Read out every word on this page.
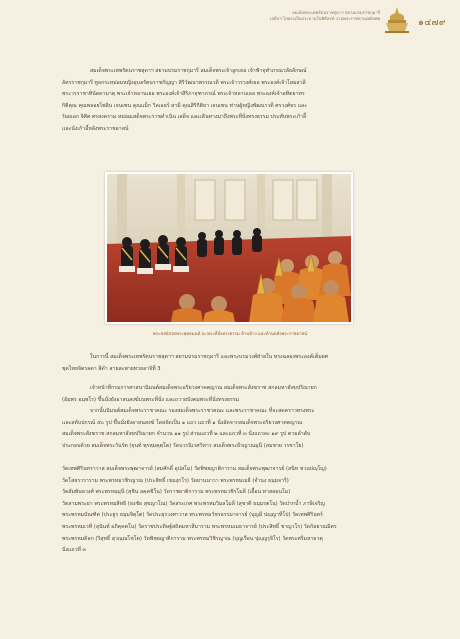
สมเด็จพระเทพรัตนราชสุดาฯ สยามบรมราชกุมารี
เสด็จฯ ไปทรงเป็นประธานในพิธีสงฆ์ งานพระราชทานเพลิงศพ	๑๔๗๙
สมเด็จพระเทพรัตนราชสุดาฯ สยามบรมราชกุมารี สมเด็จพระเจ้าลูกเธอ เจ้าฟ้าจุฬาภรณวลัยลักษณ์
อัครราชกุมารี ทูลกระหม่อมหญิงอุบลรัตนราชกัญญา สิริวัฒนาพรรณวดี พระเจ้าวรวงศ์เธอ พระองค์เจ้าโสมสวลี
พระวรราชาทินัดดามาตุ พระเจ้าหลานเธอ พระองค์เจ้าสิริภาจุฑาภรณ์ พระเจ้าหลานเธอ พระองค์เจ้าอทิตยาทร
กิติคุณ คุณพลอยไพลิน เจนเซน คุณแม็ก วิลเลอร์ สามี คุณสิริกิติยา เจนเซน ท่านผู้หญิงพัฒนาวดี ศรวงศ์ธร และ
ร้อยเอก จิศิศ ศรสงคราม หม่อมเสด็จพระราชดำเนิน เสด็จ และเดินทางมาถึงพระที่นั่งทรงธรรม ประทับพระเก้าอี้
และนั่งเก้าอี้หลังพระราชอาสน์
พระสงฆ์สวดพระพุทธมนต์ ณ พระที่นั่งทรงธรรม ด้านข้าง และด้านหลังพระราชอาสน์
ในการนี้ สมเด็จพระเทพรัตนราชสุดาฯ สยามบรมราชกุมารี และพระบรมวงศ์ฝ่ายใน ทรงฉลองพระองค์เต็มยศ
ชุดไทยจิตรลดา สีดำ สายสะพายทวยอาจิที่ 3
เจ้าหน้าที่กรมการศาสนานิมนต์สมเด็จพระอริยวงศาคตญาณ สมเด็จพระสังฆราช สกลมหาสังฆปริณายก
(อัมพร อมฺพโร) ขึ้นนั่งยังอาสนสงฆ์บนพระที่นั่ง และถวายบังคมพระที่นั่งทรงธรรม
จากนั้นนิมนต์สมเด็จพระราชาคณะ รองสมเด็จพระราชาคณะ และพระราชาคณะ ที่จะสดคราวทรงพระ
และสดับปกรณ์ ๕๐ รูป ขึ้นนั่งยังอาสนสงฆ์ โดยจัดเป็น ๑ แถว แถวที่ ๑ นั่งอัดจากสมเด็จพระอริยวงศาคตญาณ
สมเด็จพระสังฆราช สกลมหาสังฆปริณายก จำนวน ๑๑ รูป ส่วนแถวที่ ๒ และแถวที่ ๓ นั่งแถวละ ๑๙ รูป ตามลำดับ
ประกอบด้วย สมเด็จพระวันรัต (จุนท์ พฺรหฺมคุตฺโต) วัดบวรนิเวศวิหาร สมเด็จพระธีรญาณมุนี (สมชาย วรชาโย)
วัดเทพศิรินทราวาส สมเด็จพระพุฒาจารย์ (สมศักดิ์ อุปสโม) วัดพิชยญาติการาม สมเด็จพระพุฒาจารย์ (สนิท ชวนปญฺโญ)
วัดโสธรวราราม พระพรหมวชิรญาณ (ประสิทธิ์ เขมงฺกโร) วัดยานนาวา พระพรหมเมธี (จำนง ธมฺมจารี)
วัดสัมพันธวงศ์ พระพรหมมุนี (สุชิน อคฺคชิโน) วัดราชผาติการาม พระพรหมวชิรโมลี (เอื้อน ทาสสอนโม)
วัดสามพระยา พระพรหมสิทธิ (ธงชัย สุขญาโณ) วัดสระเกศ พระพรหมวิมลโมลี (สุชาติ ธมฺมรตโน) วัดปากน้ำ ภาษีเจริญ
พระพรหมบัณฑิต (ประยูร ธมฺมจิตฺโต) วัดประยุรวงศาวาส พระพรหมวัชรธรรมาจารย์ (บุญมี ปญฺญาทีโป) วัดเทพศิรินทร์
พระพรหมเวที (สุนันท์ อภิคฺคตโน) วัดราชประดิษฐ์สถิตมหาสีมาราม พระพรหมเมธาจารย์ (ประสิทธิ์ ชาญวโร) วัดกัลยาณมิตร
พระพรหมดิลก (วิสุทธิ์ สุวณฺณโชโต) วัดพิชยญาติการาม พระพรหมวิชิรญาณ (บุญเรือน ปุญฺญรุจิโร) วัดพระศรีมหาธาตุ
นั่งแถวที่ ๓
